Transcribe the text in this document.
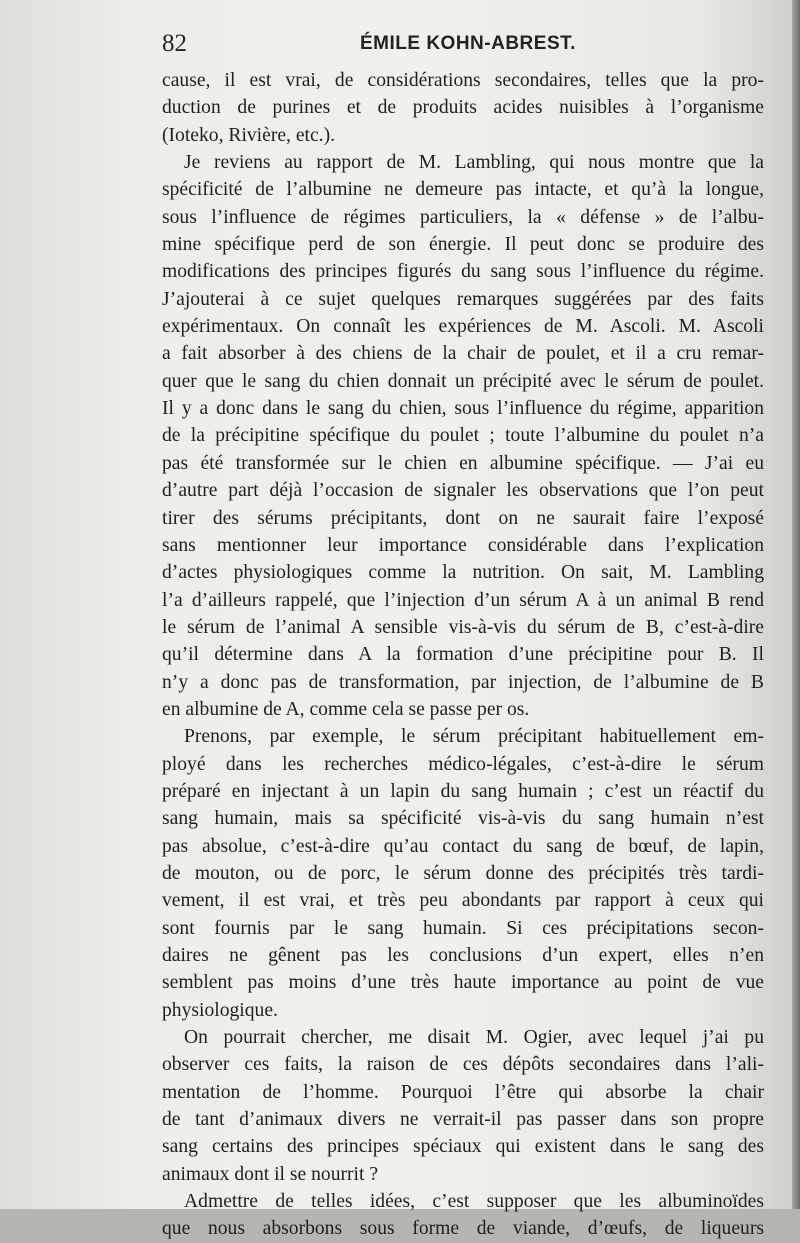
82	ÉMILE KOHN-ABREST.
cause, il est vrai, de considérations secondaires, telles que la pro-
duction de purines et de produits acides nuisibles à l’organisme
(Ioteko, Rivière, etc.).
Je reviens au rapport de M. Lambling, qui nous montre que la
spécificité de l’albumine ne demeure pas intacte, et qu’à la longue,
sous l’influence de régimes particuliers, la « défense » de l’albu-
mine spécifique perd de son énergie. Il peut donc se produire des
modifications des principes figurés du sang sous l’influence du régime.
J’ajouterai à ce sujet quelques remarques suggérées par des faits
expérimentaux. On connaît les expériences de M. Ascoli. M. Ascoli
a fait absorber à des chiens de la chair de poulet, et il a cru remar-
quer que le sang du chien donnait un précipité avec le sérum de poulet.
Il y a donc dans le sang du chien, sous l’influence du régime, apparition
de la précipitine spécifique du poulet ; toute l’albumine du poulet n’a
pas été transformée sur le chien en albumine spécifique. — J’ai eu
d’autre part déjà l’occasion de signaler les observations que l’on peut
tirer des sérums précipitants, dont on ne saurait faire l’exposé
sans mentionner leur importance considérable dans l’explication
d’actes physiologiques comme la nutrition. On sait, M. Lambling
l’a d’ailleurs rappelé, que l’injection d’un sérum A à un animal B rend
le sérum de l’animal A sensible vis-à-vis du sérum de B, c’est-à-dire
qu’il détermine dans A la formation d’une précipitine pour B. Il
n’y a donc pas de transformation, par injection, de l’albumine de B
en albumine de A, comme cela se passe per os.
Prenons, par exemple, le sérum précipitant habituellement em-
ployé dans les recherches médico-légales, c’est-à-dire le sérum
préparé en injectant à un lapin du sang humain ; c’est un réactif du
sang humain, mais sa spécificité vis-à-vis du sang humain n’est
pas absolue, c’est-à-dire qu’au contact du sang de bœuf, de lapin,
de mouton, ou de porc, le sérum donne des précipités très tardi-
vement, il est vrai, et très peu abondants par rapport à ceux qui
sont fournis par le sang humain. Si ces précipitations secon-
daires ne gênent pas les conclusions d’un expert, elles n’en
semblent pas moins d’une très haute importance au point de vue
physiologique.
On pourrait chercher, me disait M. Ogier, avec lequel j’ai pu
observer ces faits, la raison de ces dépôts secondaires dans l’ali-
mentation de l’homme. Pourquoi l’être qui absorbe la chair
de tant d’animaux divers ne verrait-il pas passer dans son propre
sang certains des principes spéciaux qui existent dans le sang des
animaux dont il se nourrit ?
Admettre de telles idées, c’est supposer que les albuminoïdes
que nous absorbons sous forme de viande, d’œufs, de liqueurs
